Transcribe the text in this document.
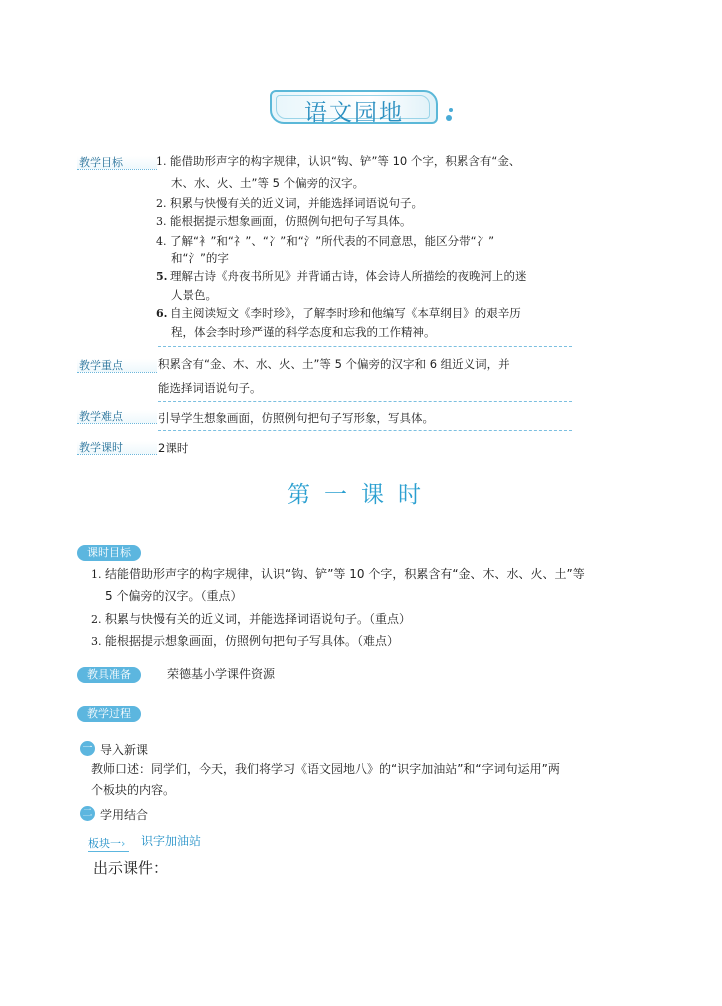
语文园地
教学目标	1. 能借助形声字的构字规律，认识“钩、铲”等 10 个字，积累含有“金、
木、水、火、土”等 5 个偏旁的汉字。
2. 积累与快慢有关的近义词，并能选择词语说句子。
3. 能根据提示想象画面，仿照例句把句子写具体。
4. 了解“衤”和“礻”、“冫”和“氵”所代表的不同意思，能区分带“冫”
和“氵”的字
5. 理解古诗《舟夜书所见》并背诵古诗，体会诗人所描绘的夜晚河上的迷
人景色。
6. 自主阅读短文《李时珍》，了解李时珍和他编写《本草纲目》的艰辛历
程，体会李时珍严谨的科学态度和忘我的工作精神。
教学重点	积累含有“金、木、水、火、土”等 5 个偏旁的汉字和 6 组近义词，并
能选择词语说句子。
教学难点	引导学生想象画面，仿照例句把句子写形象，写具体。
教学课时	2课时
第一课时
课时目标
1. 结能借助形声字的构字规律，认识“钩、铲”等 10 个字，积累含有“金、木、水、火、土”等
5 个偏旁的汉字。（重点）
2. 积累与快慢有关的近义词，并能选择词语说句子。（重点）
3. 能根据提示想象画面，仿照例句把句子写具体。（难点）
教具准备	荣德基小学课件资源
教学过程
一 导入新课
教师口述：同学们，今天，我们将学习《语文园地八》的“识字加油站”和“字词句运用”两
个板块的内容。
二 学用结合
板块一›	识字加油站
出示课件：
